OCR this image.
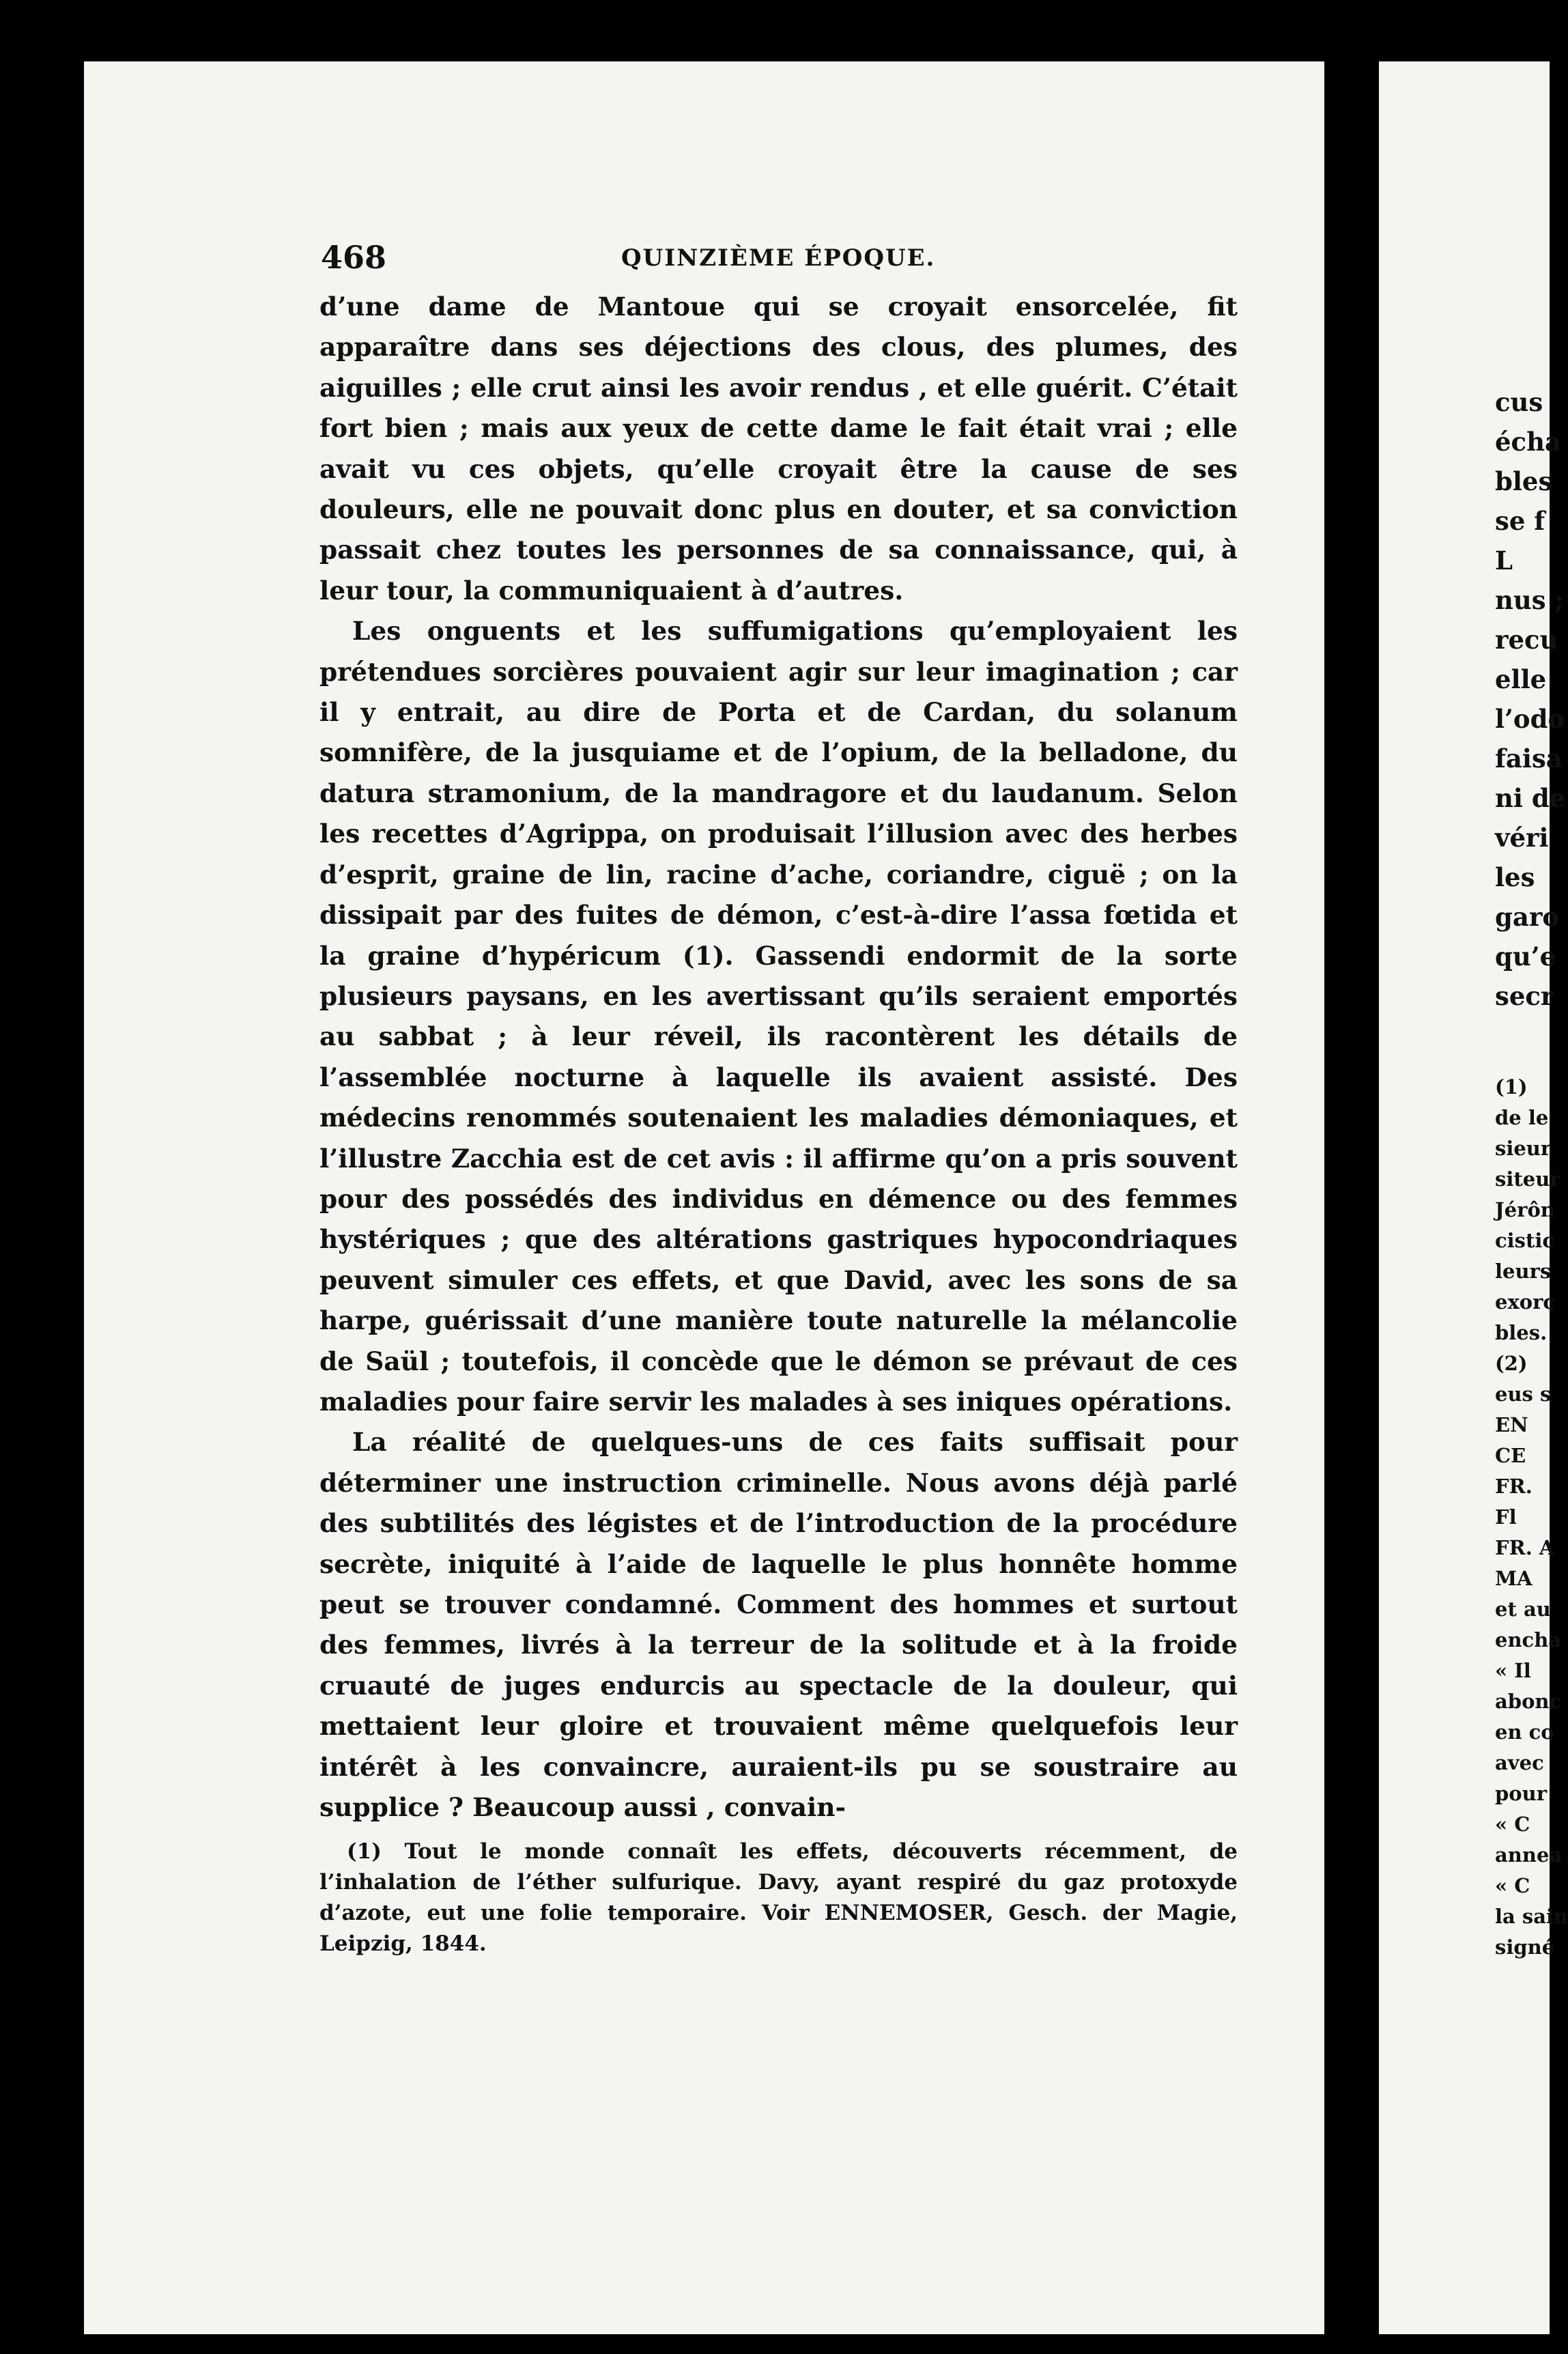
468	QUINZIÈME ÉPOQUE.

d’une dame de Mantoue qui se croyait ensorcelée, fit apparaître dans ses déjections des clous, des plumes, des aiguilles ; elle crut ainsi les avoir rendus , et elle guérit. C’était fort bien ; mais aux yeux de cette dame le fait était vrai ; elle avait vu ces objets, qu’elle croyait être la cause de ses douleurs, elle ne pouvait donc plus en douter, et sa conviction passait chez toutes les personnes de sa connaissance, qui, à leur tour, la communiquaient à d’autres.

Les onguents et les suffumigations qu’employaient les prétendues sorcières pouvaient agir sur leur imagination ; car il y entrait, au dire de Porta et de Cardan, du solanum somnifère, de la jusquiame et de l’opium, de la belladone, du datura stramonium, de la mandragore et du laudanum. Selon les recettes d’Agrippa, on produisait l’illusion avec des herbes d’esprit, graine de lin, racine d’ache, coriandre, ciguë ; on la dissipait par des fuites de démon, c’est-à-dire l’assa fœtida et la graine d’hypéricum (1). Gassendi endormit de la sorte plusieurs paysans, en les avertissant qu’ils seraient emportés au sabbat ; à leur réveil, ils racontèrent les détails de l’assemblée nocturne à laquelle ils avaient assisté. Des médecins renommés soutenaient les maladies démoniaques, et l’illustre Zacchia est de cet avis : il affirme qu’on a pris souvent pour des possédés des individus en démence ou des femmes hystériques ; que des altérations gastriques hypocondriaques peuvent simuler ces effets, et que David, avec les sons de sa harpe, guérissait d’une manière toute naturelle la mélancolie de Saül ; toutefois, il concède que le démon se prévaut de ces maladies pour faire servir les malades à ses iniques opérations.

La réalité de quelques-uns de ces faits suffisait pour déterminer une instruction criminelle. Nous avons déjà parlé des subtilités des légistes et de l’introduction de la procédure secrète, iniquité à l’aide de laquelle le plus honnête homme peut se trouver condamné. Comment des hommes et surtout des femmes, livrés à la terreur de la solitude et à la froide cruauté de juges endurcis au spectacle de la douleur, qui mettaient leur gloire et trouvaient même quelquefois leur intérêt à les convaincre, auraient-ils pu se soustraire au supplice ? Beaucoup aussi , convain-

(1) Tout le monde connaît les effets, découverts récemment, de l’inhalation de l’éther sulfurique. Davy, ayant respiré du gaz protoxyde d’azote, eut une folie temporaire. Voir ENNEMOSER, Gesch. der Magie, Leipzig, 1844.

cus
écha
bles
se f
L
nus ;
recu
elle
l’odo
faisa
ni de
véri
les
garo
qu’e
secr
(1)
de le
sieur
siteur
Jérôn
cistic
leurs
exorc
bles.
(2)
eus s
EN
CE
FR.
Fl
FR. A
MA
et au
encha
« Il
abonc
en co
avec
pour
« C
annea
« C
la sain
signé
